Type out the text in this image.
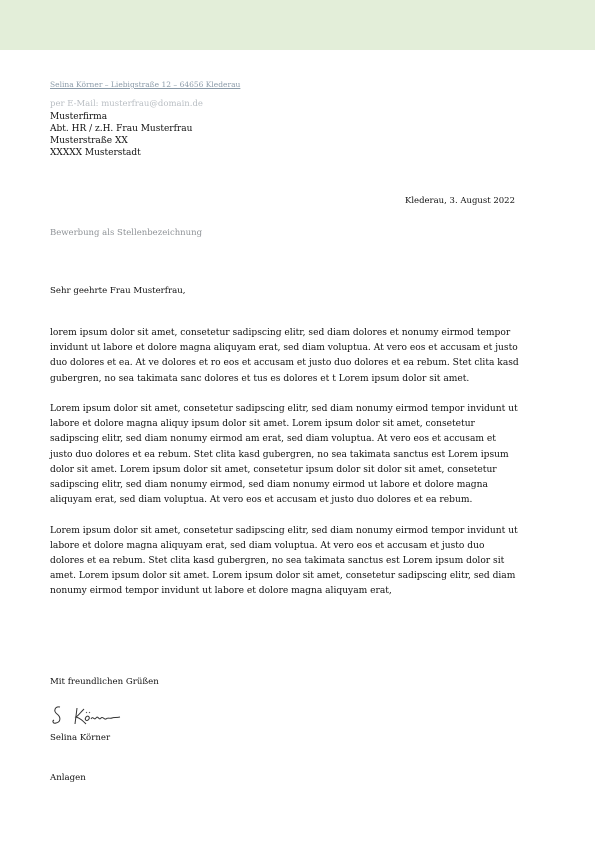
Selina Körner – Liebigstraße 12 – 64656 Klederau
per E-Mail: musterfrau@domain.de
Musterfirma
Abt. HR / z.H. Frau Musterfrau
Musterstraße XX
XXXXX Musterstadt
Klederau, 3. August 2022
Bewerbung als Stellenbezeichnung
Sehr geehrte Frau Musterfrau,

lorem ipsum dolor sit amet, consetetur sadipscing elitr, sed diam dolores et nonumy eirmod tempor invidunt ut labore et dolore magna aliquyam erat, sed diam voluptua. At vero eos et accusam et justo duo dolores et ea. At ve dolores et ro eos et accusam et justo duo dolores et ea rebum. Stet clita kasd gubergren, no sea takimata sanc dolores et tus es dolores et t Lorem ipsum dolor sit amet.

Lorem ipsum dolor sit amet, consetetur sadipscing elitr, sed diam nonumy eirmod tempor invidunt ut labore et dolore magna aliquy ipsum dolor sit amet. Lorem ipsum dolor sit amet, consetetur sadipscing elitr, sed diam nonumy eirmod am erat, sed diam voluptua. At vero eos et accusam et justo duo dolores et ea rebum. Stet clita kasd gubergren, no sea takimata sanctus est Lorem ipsum dolor sit amet. Lorem ipsum dolor sit amet, consetetur ipsum dolor sit dolor sit amet, consetetur sadipscing elitr, sed diam nonumy eirmod, sed diam nonumy eirmod ut labore et dolore magna aliquyam erat, sed diam voluptua. At vero eos et accusam et justo duo dolores et ea rebum.

Lorem ipsum dolor sit amet, consetetur sadipscing elitr, sed diam nonumy eirmod tempor invidunt ut labore et dolore magna aliquyam erat, sed diam voluptua. At vero eos et accusam et justo duo dolores et ea rebum. Stet clita kasd gubergren, no sea takimata sanctus est Lorem ipsum dolor sit amet. Lorem ipsum dolor sit amet. Lorem ipsum dolor sit amet, consetetur sadipscing elitr, sed diam nonumy eirmod tempor invidunt ut labore et dolore magna aliquyam erat,

Mit freundlichen Grüßen
Selina Körner
Anlagen
